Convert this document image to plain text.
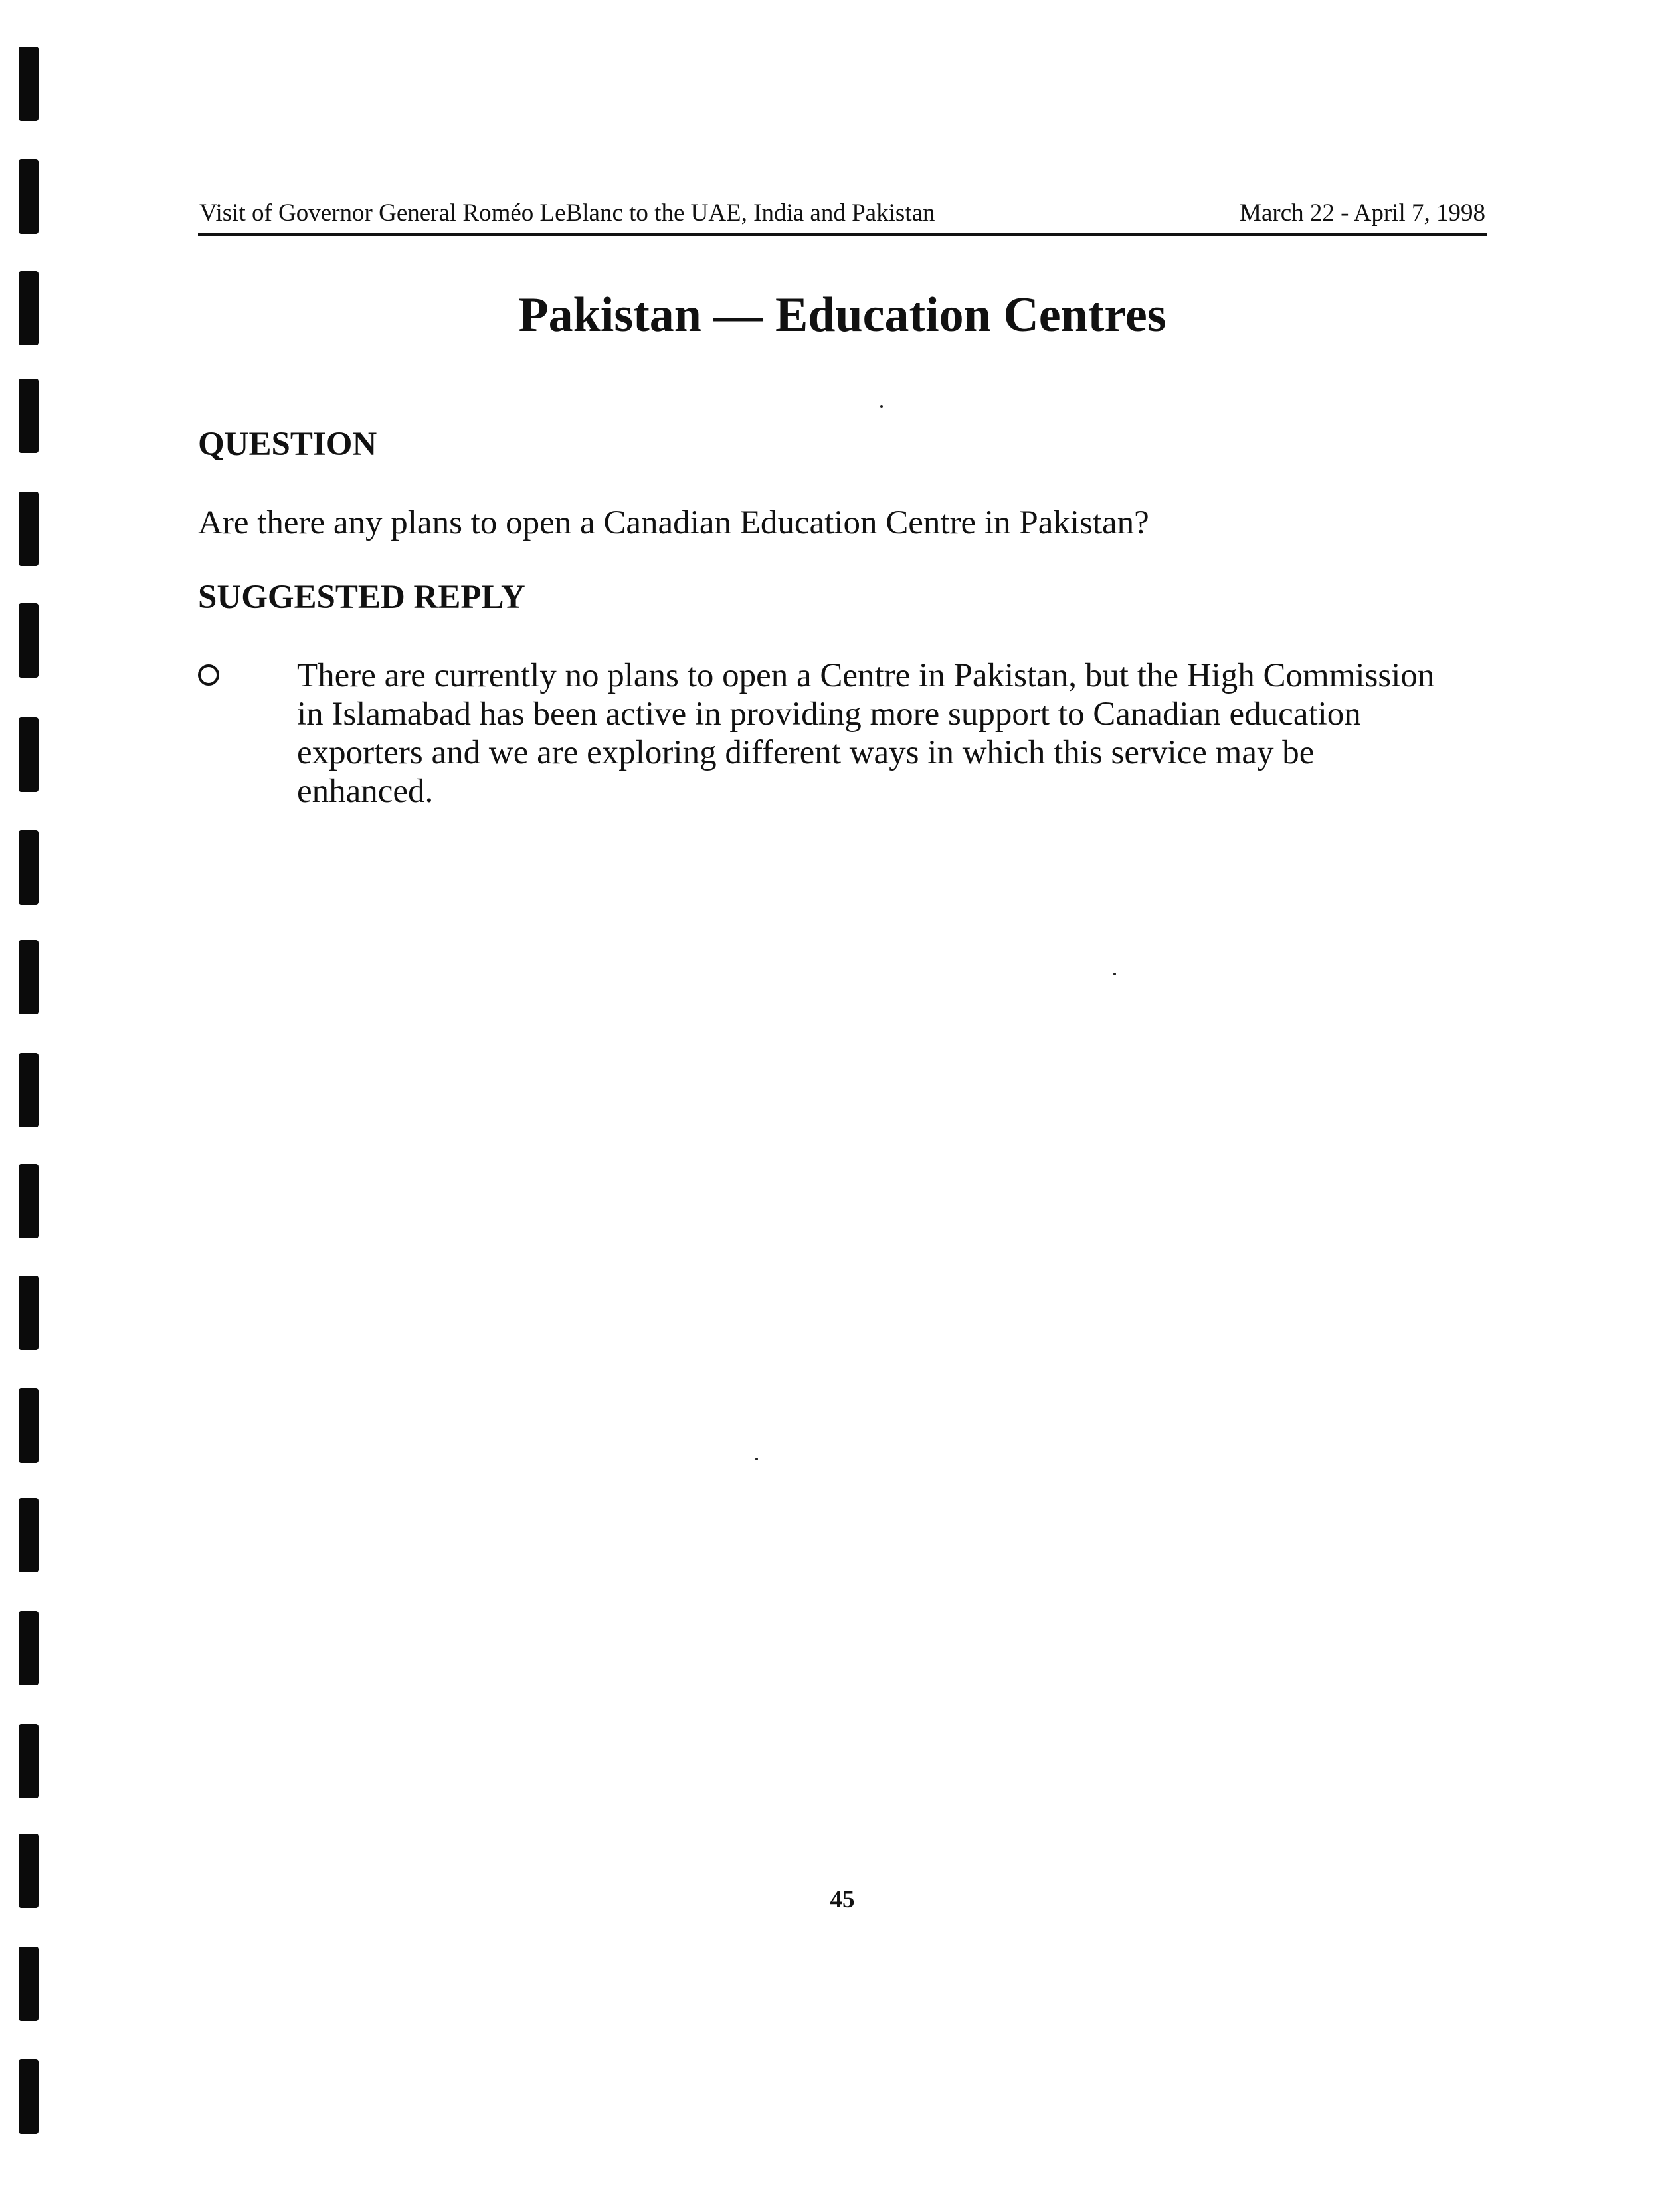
Visit of Governor General Roméo LeBlanc to the UAE, India and Pakistan	March 22 - April 7, 1998
Pakistan — Education Centres
QUESTION

Are there any plans to open a Canadian Education Centre in Pakistan?

SUGGESTED REPLY

There are currently no plans to open a Centre in Pakistan, but the High Commission
in Islamabad has been active in providing more support to Canadian education
exporters and we are exploring different ways in which this service may be
enhanced.

45
